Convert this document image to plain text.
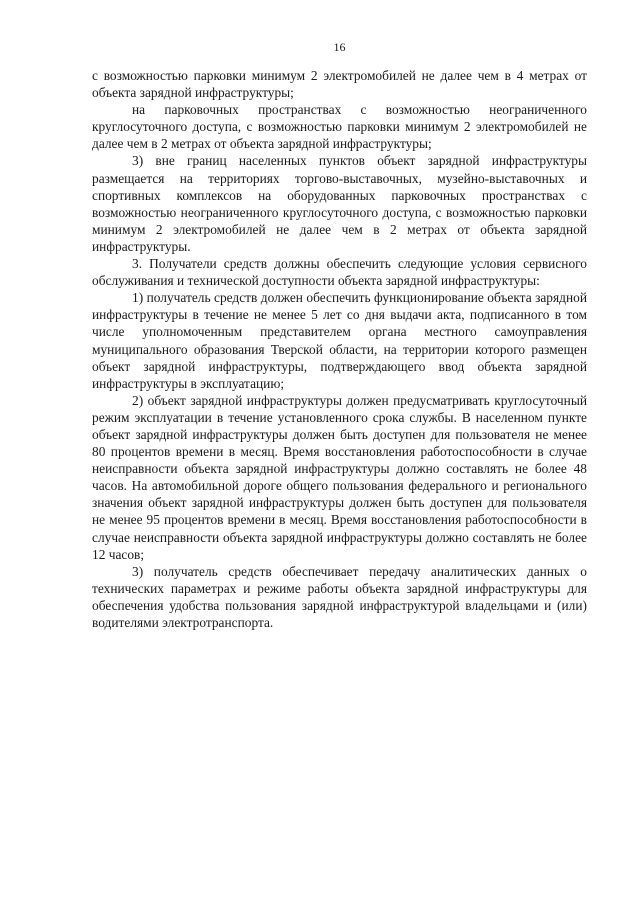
16

с возможностью парковки минимум 2 электромобилей не далее чем в 4 метрах от объекта зарядной инфраструктуры;

на парковочных пространствах с возможностью неограниченного круглосуточного доступа, с возможностью парковки минимум 2 электромобилей не далее чем в 2 метрах от объекта зарядной инфраструктуры;

3) вне границ населенных пунктов объект зарядной инфраструктуры размещается на территориях торгово-выставочных, музейно-выставочных и спортивных комплексов на оборудованных парковочных пространствах с возможностью неограниченного круглосуточного доступа, с возможностью парковки минимум 2 электромобилей не далее чем в 2 метрах от объекта зарядной инфраструктуры.

3. Получатели средств должны обеспечить следующие условия сервисного обслуживания и технической доступности объекта зарядной инфраструктуры:

1) получатель средств должен обеспечить функционирование объекта зарядной инфраструктуры в течение не менее 5 лет со дня выдачи акта, подписанного в том числе уполномоченным представителем органа местного самоуправления муниципального образования Тверской области, на территории которого размещен объект зарядной инфраструктуры, подтверждающего ввод объекта зарядной инфраструктуры в эксплуатацию;

2) объект зарядной инфраструктуры должен предусматривать круглосуточный режим эксплуатации в течение установленного срока службы. В населенном пункте объект зарядной инфраструктуры должен быть доступен для пользователя не менее 80 процентов времени в месяц. Время восстановления работоспособности в случае неисправности объекта зарядной инфраструктуры должно составлять не более 48 часов. На автомобильной дороге общего пользования федерального и регионального значения объект зарядной инфраструктуры должен быть доступен для пользователя не менее 95 процентов времени в месяц. Время восстановления работоспособности в случае неисправности объекта зарядной инфраструктуры должно составлять не более 12 часов;

3) получатель средств обеспечивает передачу аналитических данных о технических параметрах и режиме работы объекта зарядной инфраструктуры для обеспечения удобства пользования зарядной инфраструктурой владельцами и (или) водителями электротранспорта.
